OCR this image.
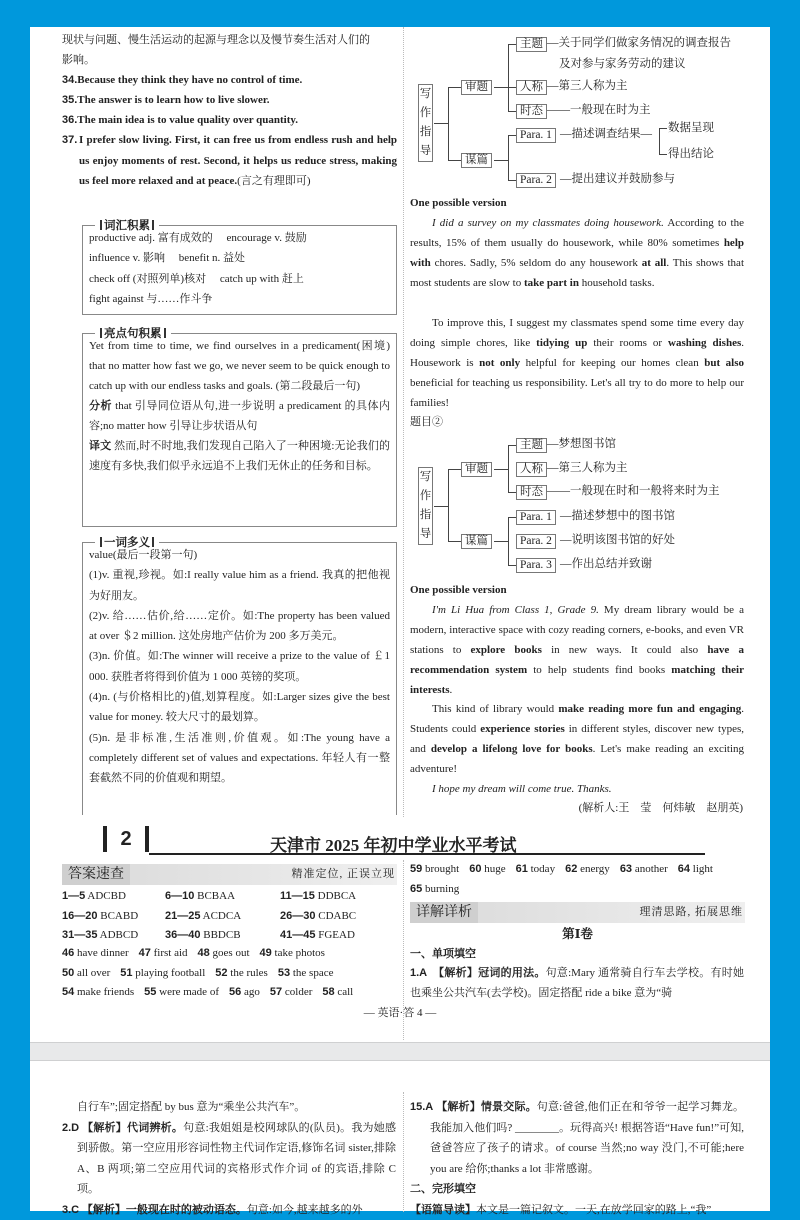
现状与问题、慢生活运动的起源与理念以及慢节奏生活对人们的
影响。
34.Because they think they have no control of time.
35.The answer is to learn how to live slower.
36.The main idea is to value quality over quantity.
37. I prefer slow living. First, it can free us from endless rush and help us enjoy moments of rest. Second, it helps us reduce stress, making us feel more relaxed and at peace.(言之有理即可)
词汇积累
productive adj. 富有成效的　 encourage v. 鼓励
influence v. 影响　 benefit n. 益处
check off (对照列单)核对　 catch up with 赶上
fight against 与……作斗争
亮点句积累
Yet from time to time, we find ourselves in a predicament(困境) that no matter how fast we go, we never seem to be quick enough to catch up with our endless tasks and goals. (第二段最后一句)
分析 that 引导同位语从句,进一步说明 a predicament 的具体内容;no matter how 引导让步状语从句
译文 然而,时不时地,我们发现自己陷入了一种困境:无论我们的速度有多快,我们似乎永远追不上我们无休止的任务和目标。
一词多义
value(最后一段第一句)
(1)v. 重视,珍视。如:I really value him as a friend. 我真的把他视为好朋友。
(2)v. 给……估价,给……定价。如:The property has been valued at over ＄2 million. 这处房地产估价为 200 多万美元。
(3)n. 价值。如:The winner will receive a prize to the value of ￡1 000. 获胜者将得到价值为 1 000 英镑的奖项。
(4)n. (与价格相比的)值,划算程度。如:Larger sizes give the best value for money. 较大尺寸的最划算。
(5)n. 是非标准,生活准则,价值观。如:The young have a completely different set of values and expectations. 年轻人有一整套截然不同的价值观和期望。
写作指导
审题
谋篇
主题 —关于同学们做家务情况的调查报告
及对参与家务劳动的建议
人称 —第三人称为主
时态 ——一般现在时为主
Para. 1 —描述调查结果— 数据呈现
得出结论
Para. 2 —提出建议并鼓励参与
One possible version
I did a survey on my classmates doing housework. According to the results, 15% of them usually do housework, while 80% sometimes help with chores. Sadly, 5% seldom do any housework at all. This shows that most students are slow to take part in household tasks.
To improve this, I suggest my classmates spend some time every day doing simple chores, like tidying up their rooms or washing dishes. Housework is not only helpful for keeping our homes clean but also beneficial for teaching us responsibility. Let's all try to do more to help our families!
题目②
写作指导
审题
谋篇
主题 —梦想图书馆
人称 —第三人称为主
时态 ——一般现在时和一般将来时为主
Para. 1 —描述梦想中的图书馆
Para. 2 —说明该图书馆的好处
Para. 3 —作出总结并致谢
One possible version
I'm Li Hua from Class 1, Grade 9. My dream library would be a modern, interactive space with cozy reading corners, e-books, and even VR stations to explore books in new ways. It could also have a recommendation system to help students find books matching their interests.
This kind of library would make reading more fun and engaging. Students could experience stories in different styles, discover new types, and develop a lifelong love for books. Let's make reading an exciting adventure!
I hope my dream will come true. Thanks.
(解析人:王　莹　何炜敏　赵朋英)
2	天津市 2025 年初中学业水平考试
答案速查	精准定位, 正误立现
1—5 ADCBD	6—10 BCBAA	11—15 DDBCA
16—20 BCABD 21—25 ACDCA	26—30 CDABC
31—35 ADBCD 36—40 BBDCB	41—45 FGEAD
46 have dinner 47 first aid 48 goes out 49 take photos
50 all over 51 playing football 52 the rules 53 the space
54 make friends 55 were made of 56 ago 57 colder 58 call
59 brought 60 huge 61 today 62 energy 63 another 64 light
65 burning
详解详析	理清思路, 拓展思维
第Ⅰ卷
一、单项填空
1.A 【解析】冠词的用法。句意:Mary 通常骑自行车去学校。有时她也乘坐公共汽车(去学校)。固定搭配 ride a bike 意为“骑
— 英语·答 4 —
自行车”;固定搭配 by bus 意为“乘坐公共汽车”。
2.D 【解析】代词辨析。句意:我姐姐是校网球队的(队员)。我为她感到骄傲。第一空应用形容词性物主代词作定语,修饰名词 sister,排除 A、B 两项;第二空应用代词的宾格形式作介词 of 的宾语,排除 C 项。
3.C 【解析】一般现在时的被动语态。句意:如今,越来越多的外
15.A 【解析】情景交际。句意:爸爸,他们正在和爷爷一起学习舞龙。我能加入他们吗? ________。玩得高兴! 根据答语“Have fun!”可知,爸爸答应了孩子的请求。of course 当然;no way 没门,不可能;here you are 给你;thanks a lot 非常感谢。
二、完形填空
【语篇导读】本文是一篇记叙文。一天,在放学回家的路上,“我”
